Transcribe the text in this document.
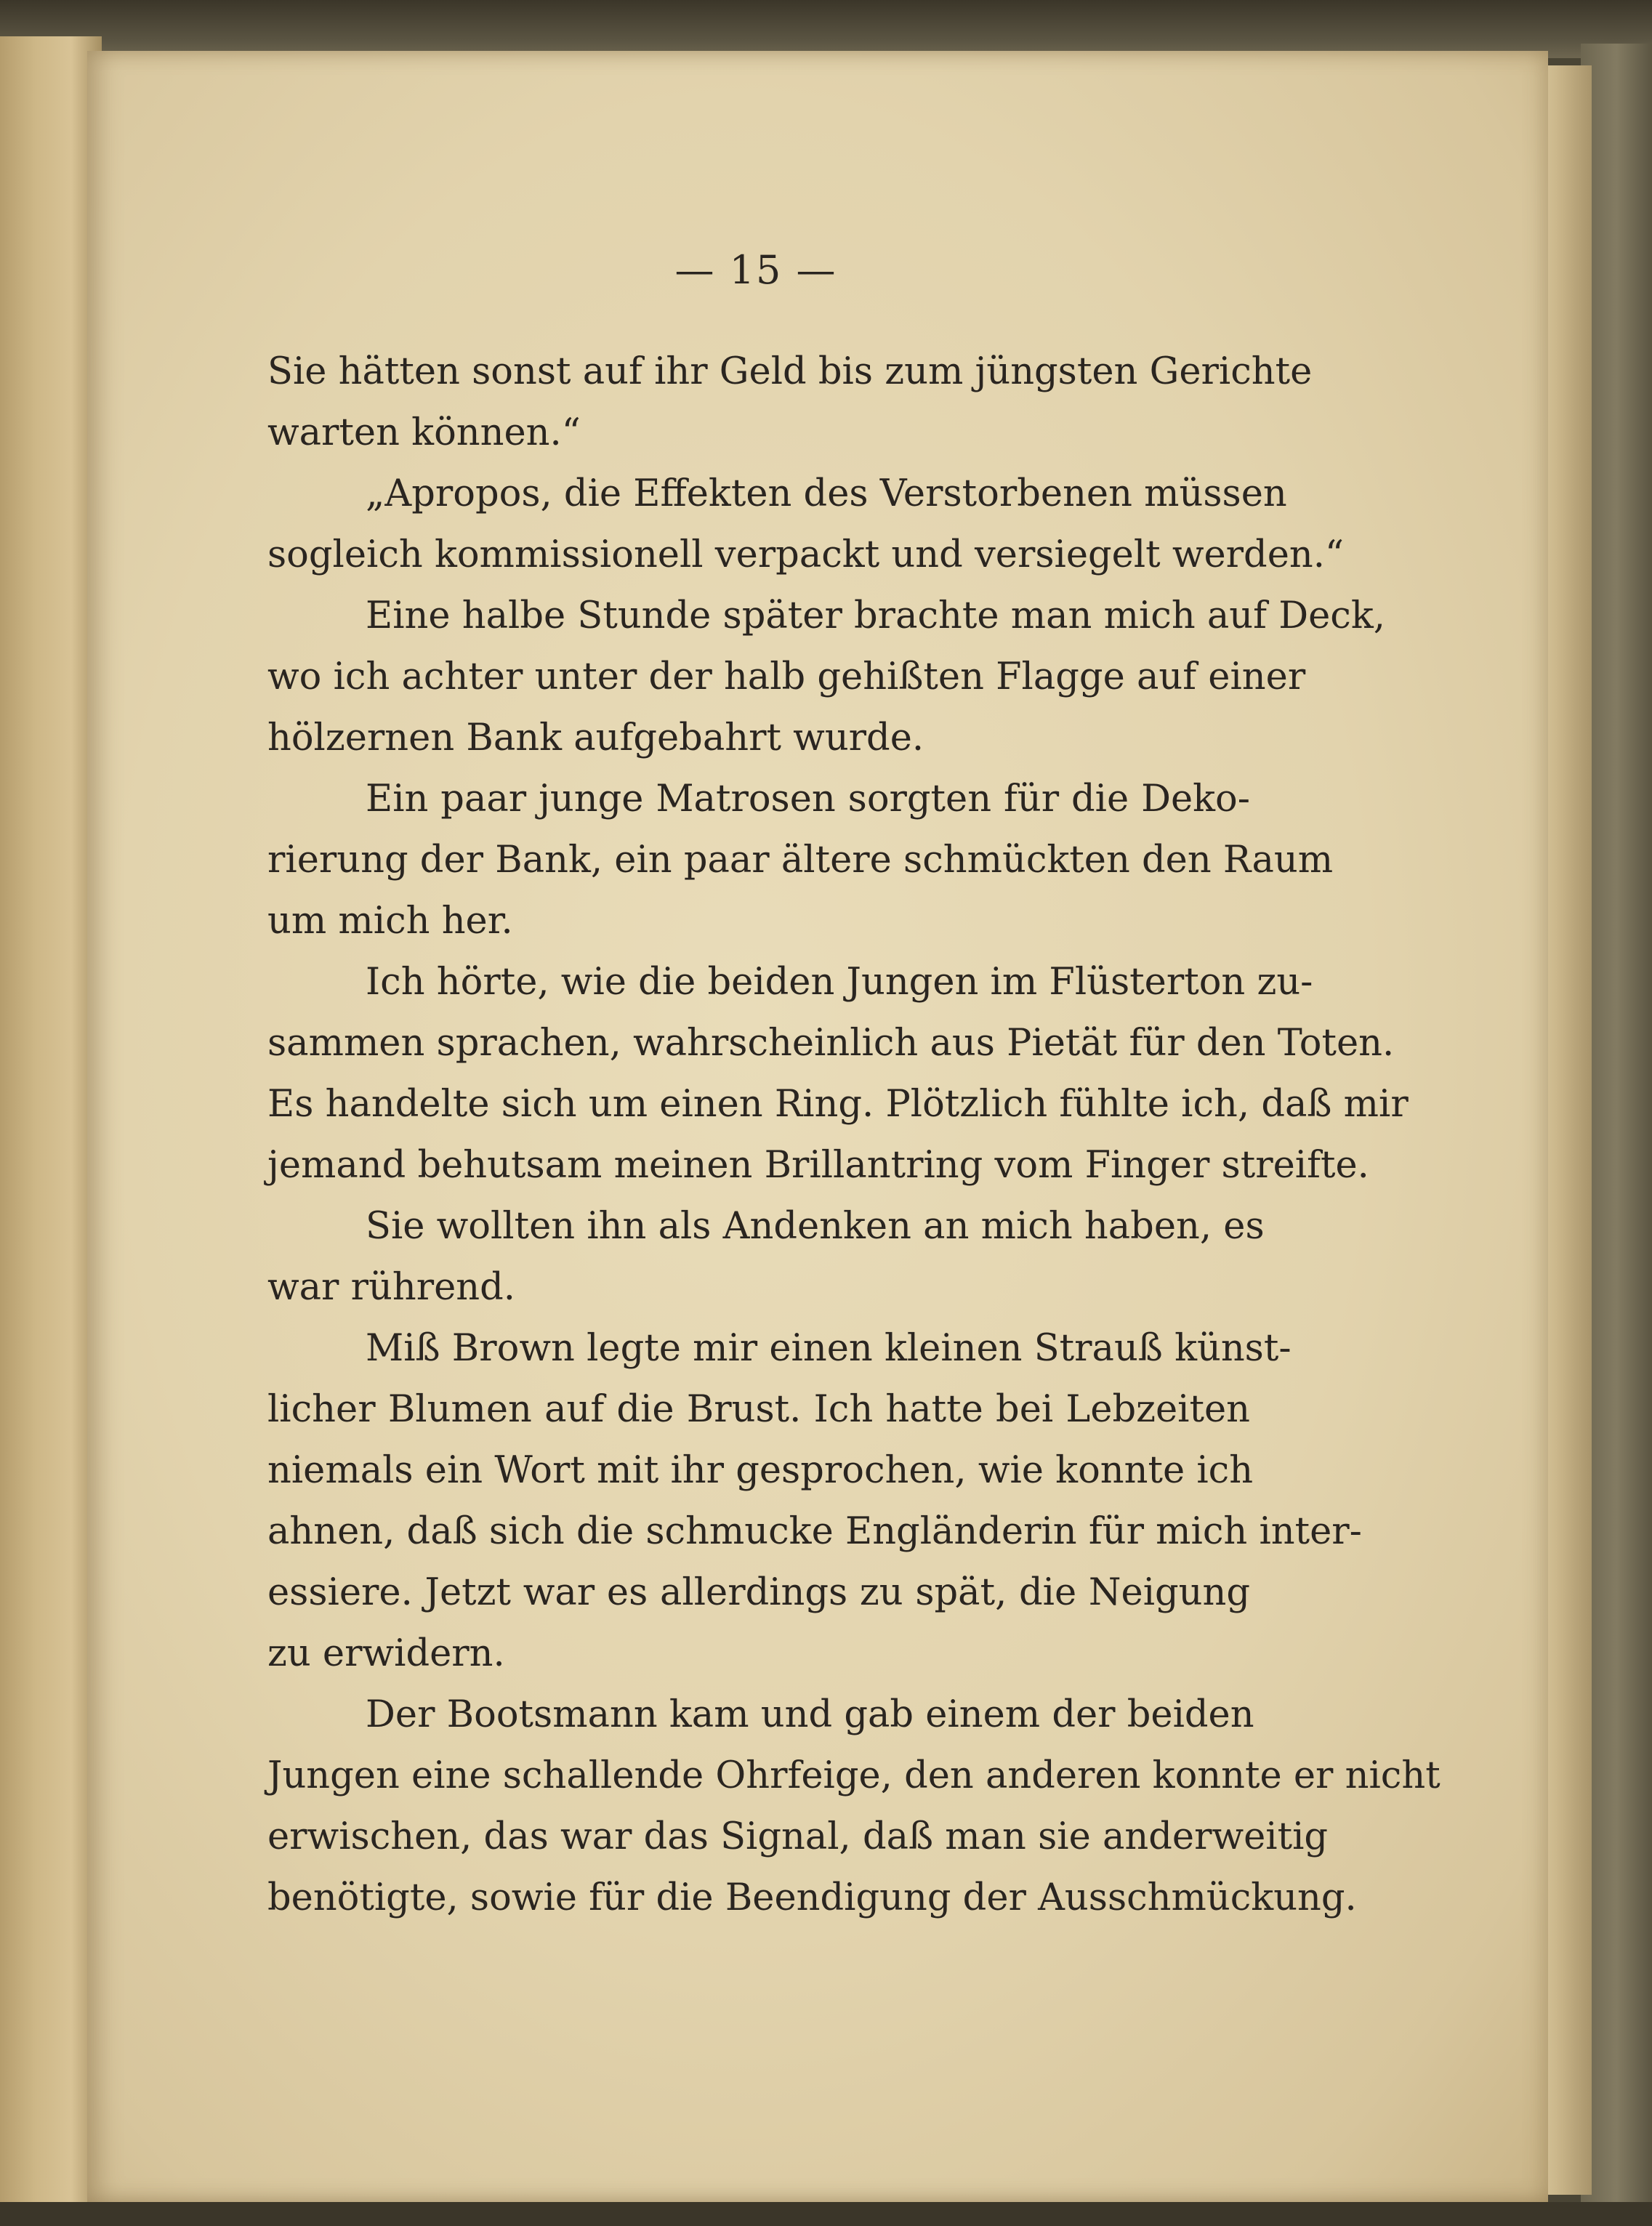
— 15 —
Sie hätten sonst auf ihr Geld bis zum jüngsten Gerichte
warten können.“
„Apropos, die Effekten des Verstorbenen müssen
sogleich kommissionell verpackt und versiegelt werden.“
Eine halbe Stunde später brachte man mich auf Deck,
wo ich achter unter der halb gehißten Flagge auf einer
hölzernen Bank aufgebahrt wurde.
Ein paar junge Matrosen sorgten für die Deko-
rierung der Bank, ein paar ältere schmückten den Raum
um mich her.
Ich hörte, wie die beiden Jungen im Flüsterton zu-
sammen sprachen, wahrscheinlich aus Pietät für den Toten.
Es handelte sich um einen Ring. Plötzlich fühlte ich, daß mir
jemand behutsam meinen Brillantring vom Finger streifte.
Sie wollten ihn als Andenken an mich haben, es
war rührend.
Miß Brown legte mir einen kleinen Strauß künst-
licher Blumen auf die Brust. Ich hatte bei Lebzeiten
niemals ein Wort mit ihr gesprochen, wie konnte ich
ahnen, daß sich die schmucke Engländerin für mich inter-
essiere. Jetzt war es allerdings zu spät, die Neigung
zu erwidern.
Der Bootsmann kam und gab einem der beiden
Jungen eine schallende Ohrfeige, den anderen konnte er nicht
erwischen, das war das Signal, daß man sie anderweitig
benötigte, sowie für die Beendigung der Ausschmückung.
